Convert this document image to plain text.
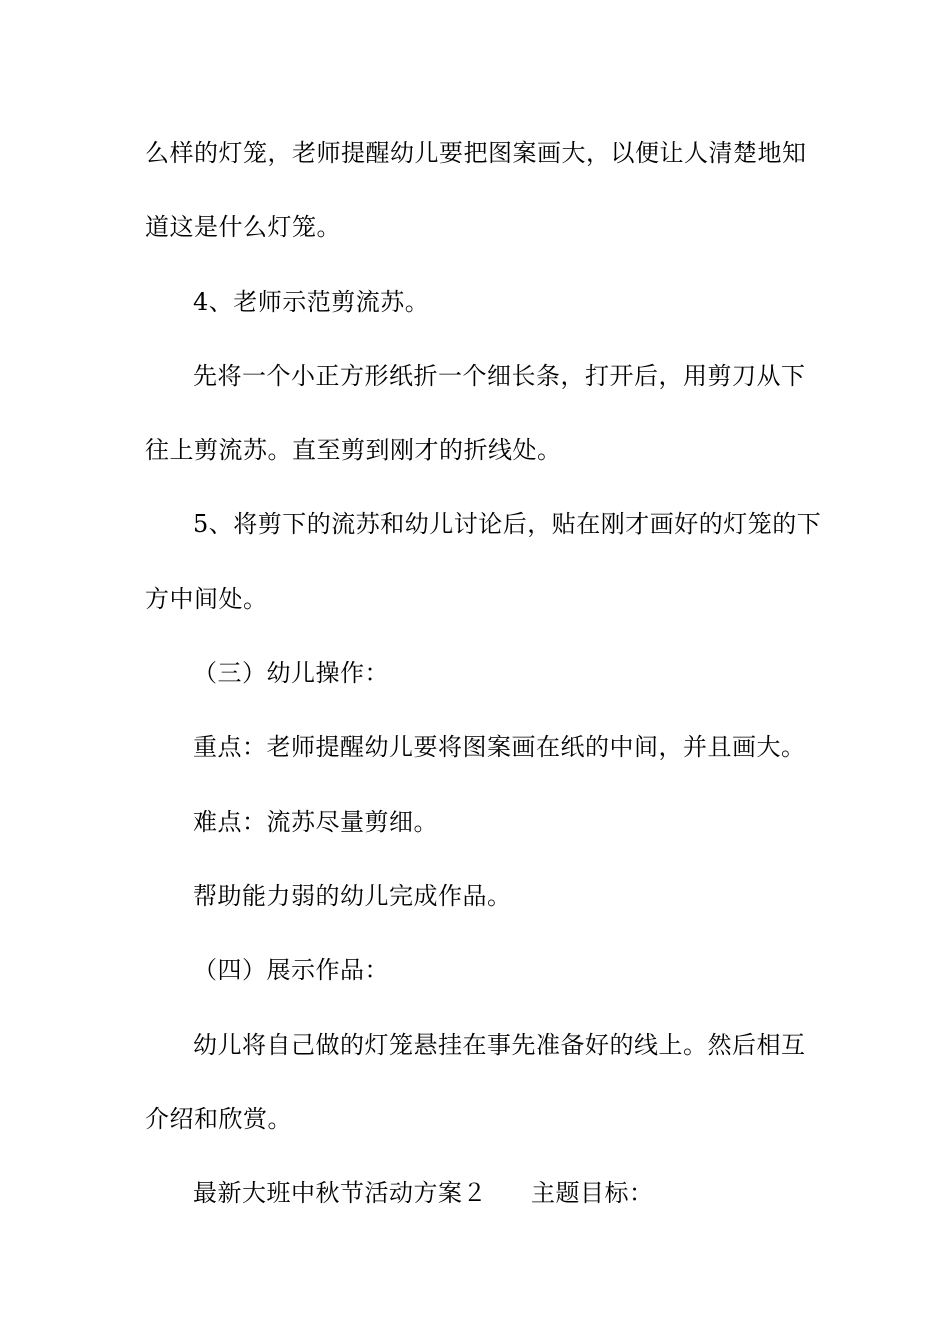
么样的灯笼，老师提醒幼儿要把图案画大，以便让人清楚地知
道这是什么灯笼。
4、老师示范剪流苏。
先将一个小正方形纸折一个细长条，打开后，用剪刀从下
往上剪流苏。直至剪到刚才的折线处。
5、将剪下的流苏和幼儿讨论后，贴在刚才画好的灯笼的下
方中间处。
（三）幼儿操作：
重点：老师提醒幼儿要将图案画在纸的中间，并且画大。
难点：流苏尽量剪细。
帮助能力弱的幼儿完成作品。
（四）展示作品：
幼儿将自己做的灯笼悬挂在事先准备好的线上。然后相互
介绍和欣赏。
最新大班中秋节活动方案２ 主题目标：
